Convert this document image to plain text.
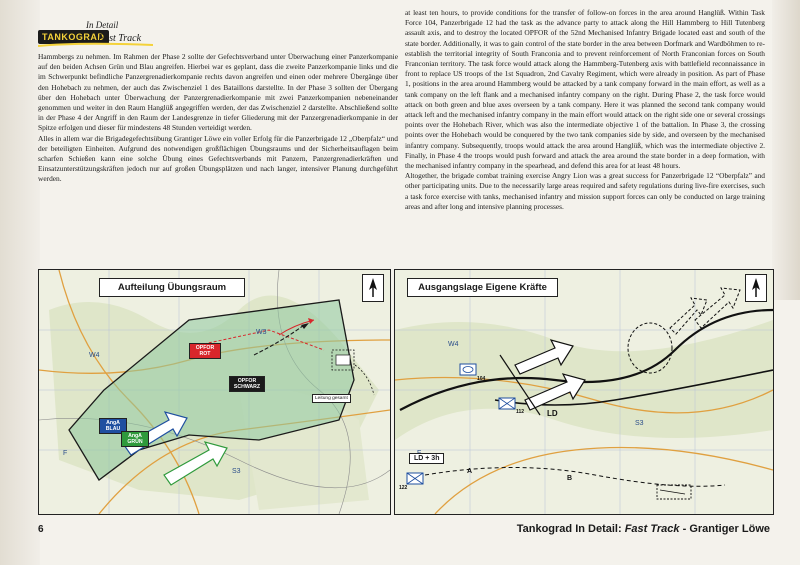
In Detail
TANKOGRAD
Fast Track

Hammbergs zu nehmen. Im Rahmen der Phase 2 sollte der Gefechtsverband unter Überwachung einer Panzerkompanie auf den beiden Achsen Grün und Blau angreifen. Hierbei war es geplant, dass die zweite Panzerkompanie links und die im Schwerpunkt befindliche Panzergrenadierkompanie rechts davon angreifen und einen oder mehrere Übergänge über den Hohebach zu nehmen, der auch das Zwischenziel 1 des Bataillons darstellte. In der Phase 3 sollten der Übergang über den Hohebach unter Überwachung der Panzergrenadierkompanie mit zwei Panzerkompanien nebeneinander genommen und weiter in den Raum Hanglüß angegriffen werden, der das Zwischenziel 2 darstellte. Abschließend sollte in der Phase 4 der Angriff in den Raum der Landesgrenze in tiefer Gliederung mit der Panzergrenadierkompanie in der Spitze erfolgen und dieser für mindestens 48 Stunden verteidigt werden.

Alles in allem war die Brigadegefechtsübung Grantiger Löwe ein voller Erfolg für die Panzerbrigade 12 „Oberpfalz“ und der beteiligten Einheiten. Aufgrund des notwendigen großflächigen Übungsraums und der Sicherheitsauflagen beim scharfen Schießen kann eine solche Übung eines Gefechtsverbands mit Panzern, Panzergrenadierkräften und Einsatzunterstützungskräften jedoch nur auf großen Übungsplätzen und nach langer, intensiver Planung durchgeführt werden.

at least ten hours, to provide conditions for the transfer of follow-on forces in the area around Hanglüß. Within Task Force 104, Panzerbrigade 12 had the task as the advance party to attack along the Hill Hammberg to Hill Tutenberg assault axis, and to destroy the located OPFOR of the 52nd Mechanised Infantry Brigade located east and south of the state border. Additionally, it was to gain control of the state border in the area between Dorfmark and Wardböhmen to re-establish the territorial integrity of South Franconia and to prevent reinforcement of North Franconian forces on South Franconian territory. The task force would attack along the Hammberg-Tutenberg axis with battlefield reconnaissance in front to replace US troops of the 1st Squadron, 2nd Cavalry Regiment, which were already in position. As part of Phase 1, positions in the area around Hammberg would be attacked by a tank company forward in the main effort, as well as a tank company on the left flank and a mechanised infantry company on the right. During Phase 2, the task force would attack on both green and blue axes overseen by a tank company. Here it was planned the second tank company would attack left and the mechanised infantry company in the main effort would attack on the right side one or several crossings points over the Hohebach River, which was also the intermediate objective 1 of the battalion. In Phase 3, the crossing points over the Hohebach would be conquered by the two tank companies side by side, and overseen by the mechanised infantry company. Subsequently, troops would attack the area around Hanglüß, which was the intermediate objective 2. Finally, in Phase 4 the troops would push forward and attack the area around the state border in a deep formation, with the mechanised infantry company in the spearhead, and defend this area for at least 48 hours.

Altogether, the brigade combat training exercise Angry Lion was a great success for Panzerbrigade 12 “Oberpfalz” and other participating units. Due to the necessarily large areas required and safety regulations during live-fire exercises, such a task force exercise with tanks, mechanised infantry and mission support forces can only be conducted on large training areas and after long and intensive planning processes.

Aufteilung Übungsraum
W4
W3
F
S3
OPFOR ROT
OPFOR SCHWARZ
AngA BLAU
AngA GRÜN
Leitung gesamt
Ausgangslage Eigene Kräfte
W4
LD
104
112
122
A
B
S3
LD + 3h
6	Tankograd In Detail: Fast Track - Grantiger Löwe
